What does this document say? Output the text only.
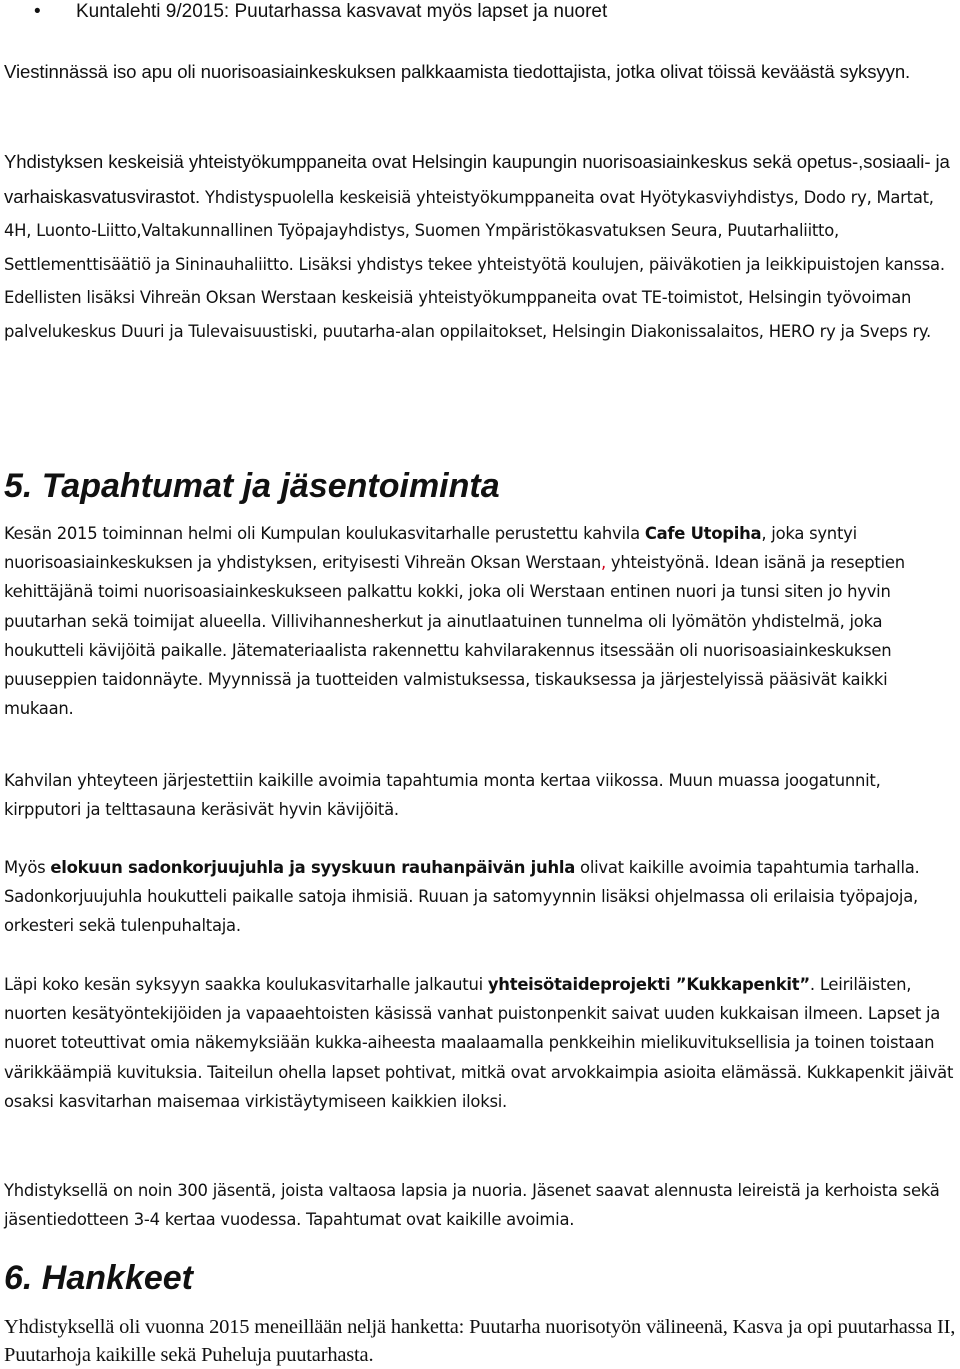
• Kuntalehti 9/2015: Puutarhassa kasvavat myös lapset ja nuoret

Viestinnässä iso apu oli nuorisoasiainkeskuksen palkkaamista tiedottajista, jotka olivat töissä keväästä syksyyn.

Yhdistyksen keskeisiä yhteistyökumppaneita ovat Helsingin kaupungin nuorisoasiainkeskus sekä opetus-,sosiaali- ja varhaiskasvatusvirastot. Yhdistyspuolella keskeisiä yhteistyökumppaneita ovat Hyötykasviyhdistys, Dodo ry, Martat, 4H, Luonto-Liitto,Valtakunnallinen Työpajayhdistys, Suomen Ympäristökasvatuksen Seura, Puutarhaliitto, Settlementtisäätiö ja Sininauhaliitto. Lisäksi yhdistys tekee yhteistyötä koulujen, päiväkotien ja leikkipuistojen kanssa. Edellisten lisäksi Vihreän Oksan Werstaan keskeisiä yhteistyökumppaneita ovat TE-toimistot, Helsingin työvoiman palvelukeskus Duuri ja Tulevaisuustiski, puutarha-alan oppilaitokset, Helsingin Diakonissalaitos, HERO ry ja Sveps ry.

5. Tapahtumat ja jäsentoiminta

Kesän 2015 toiminnan helmi oli Kumpulan koulukasvitarhalle perustettu kahvila Cafe Utopiha, joka syntyi nuorisoasiainkeskuksen ja yhdistyksen, erityisesti Vihreän Oksan Werstaan, yhteistyönä. Idean isänä ja reseptien kehittäjänä toimi nuorisoasiainkeskukseen palkattu kokki, joka oli Werstaan entinen nuori ja tunsi siten jo hyvin puutarhan sekä toimijat alueella. Villivihannesherkut ja ainutlaatuinen tunnelma oli lyömätön yhdistelmä, joka houkutteli kävijöitä paikalle. Jätemateriaalista rakennettu kahvilarakennus itsessään oli nuorisoasiainkeskuksen puuseppien taidonnäyte. Myynnissä ja tuotteiden valmistuksessa, tiskauksessa ja järjestelyissä pääsivät kaikki mukaan.

Kahvilan yhteyteen järjestettiin kaikille avoimia tapahtumia monta kertaa viikossa. Muun muassa joogatunnit, kirpputori ja telttasauna keräsivät hyvin kävijöitä.

Myös elokuun sadonkorjuujuhla ja syyskuun rauhanpäivän juhla olivat kaikille avoimia tapahtumia tarhalla. Sadonkorjuujuhla houkutteli paikalle satoja ihmisiä. Ruuan ja satomyynnin lisäksi ohjelmassa oli erilaisia työpajoja, orkesteri sekä tulenpuhaltaja.

Läpi koko kesän syksyyn saakka koulukasvitarhalle jalkautui yhteisötaideprojekti ”Kukkapenkit”. Leiriläisten, nuorten kesätyöntekijöiden ja vapaaehtoisten käsissä vanhat puistonpenkit saivat uuden kukkaisan ilmeen. Lapset ja nuoret toteuttivat omia näkemyksiään kukka-aiheesta maalaamalla penkkeihin mielikuvituksellisia ja toinen toistaan värikkäämpiä kuvituksia. Taiteilun ohella lapset pohtivat, mitkä ovat arvokkaimpia asioita elämässä. Kukkapenkit jäivät osaksi kasvitarhan maisemaa virkistäytymiseen kaikkien iloksi.

Yhdistyksellä on noin 300 jäsentä, joista valtaosa lapsia ja nuoria. Jäsenet saavat alennusta leireistä ja kerhoista sekä jäsentiedotteen 3-4 kertaa vuodessa. Tapahtumat ovat kaikille avoimia.

6. Hankkeet

Yhdistyksellä oli vuonna 2015 meneillään neljä hanketta: Puutarha nuorisotyön välineenä, Kasva ja opi puutarhassa II, Puutarhoja kaikille sekä Puheluja puutarhasta.
